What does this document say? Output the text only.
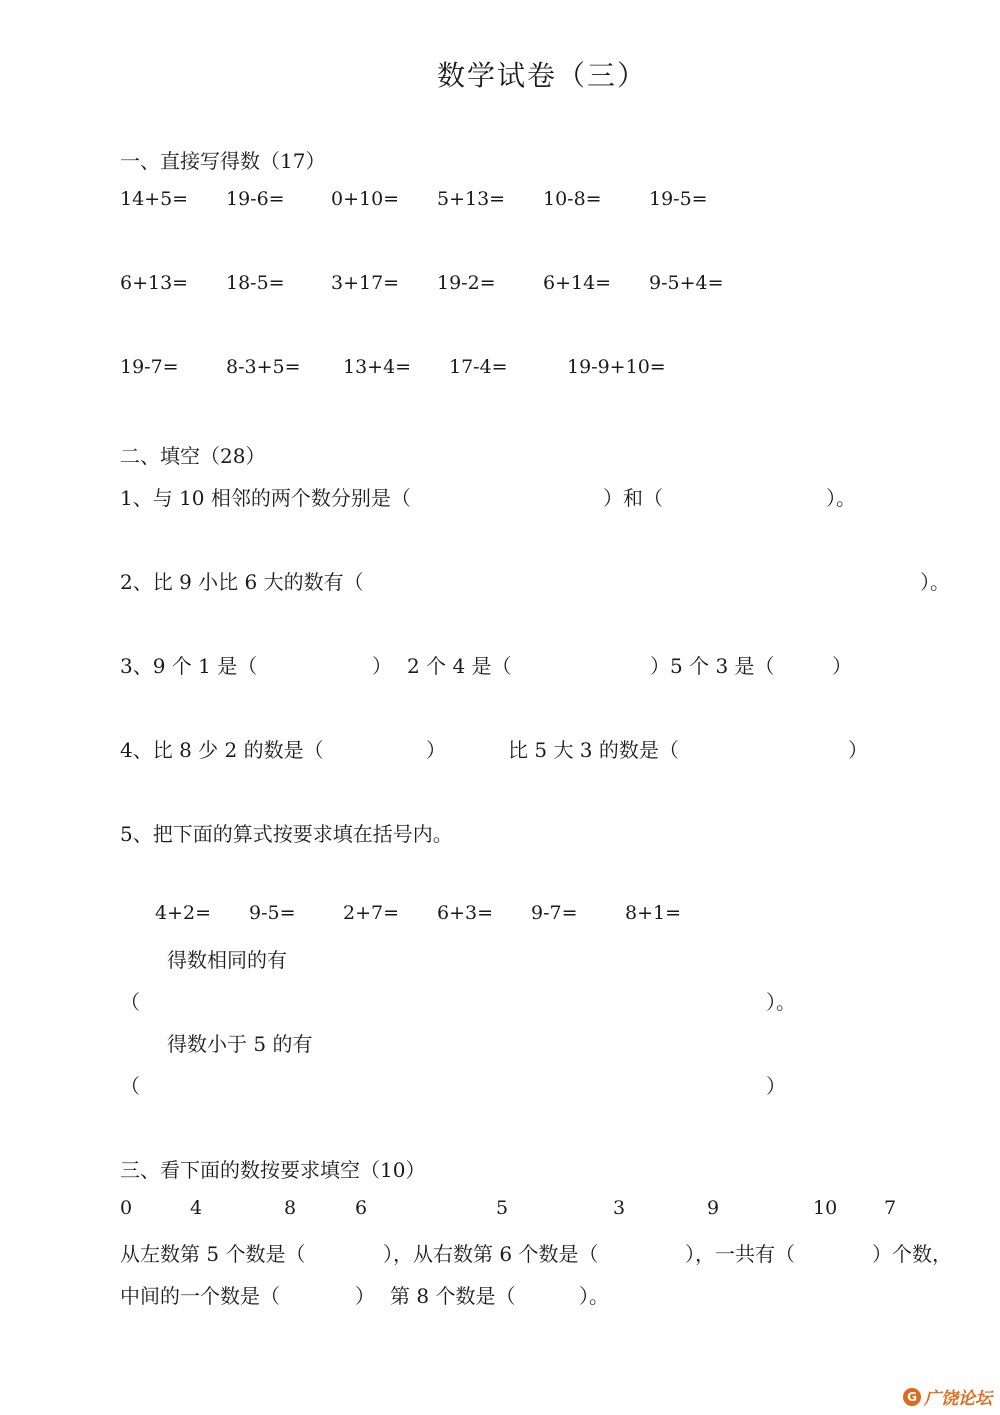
数学试卷（三）
一、直接写得数（17）
14+5= 19-6= 0+10= 5+13= 10-8= 19-5=
6+13= 18-5= 3+17= 19-2= 6+14= 9-5+4=
19-7= 8-3+5= 13+4= 17-4=	19-9+10=
二、填空（28）
1、与 10 相邻的两个数分别是（	）和（	）。
2、比 9 小比 6 大的数有（	）。
3、9 个 1 是（	） 2 个 4 是（	）5 个 3 是（	）
4、比 8 少 2 的数是（	）	比 5 大 3 的数是（	）
5、把下面的算式按要求填在括号内。
4+2= 9-5= 2+7= 6+3= 9-7= 8+1=
得数相同的有
（	）。
得数小于 5 的有
（	）
三、看下面的数按要求填空（10）
0	4	8	6	5	3	9	10 7
从左数第 5 个数是（	），从右数第 6 个数是（	），一共有（	）个数，
中间的一个数是（	） 第 8 个数是（	）。
G 广饶论坛
